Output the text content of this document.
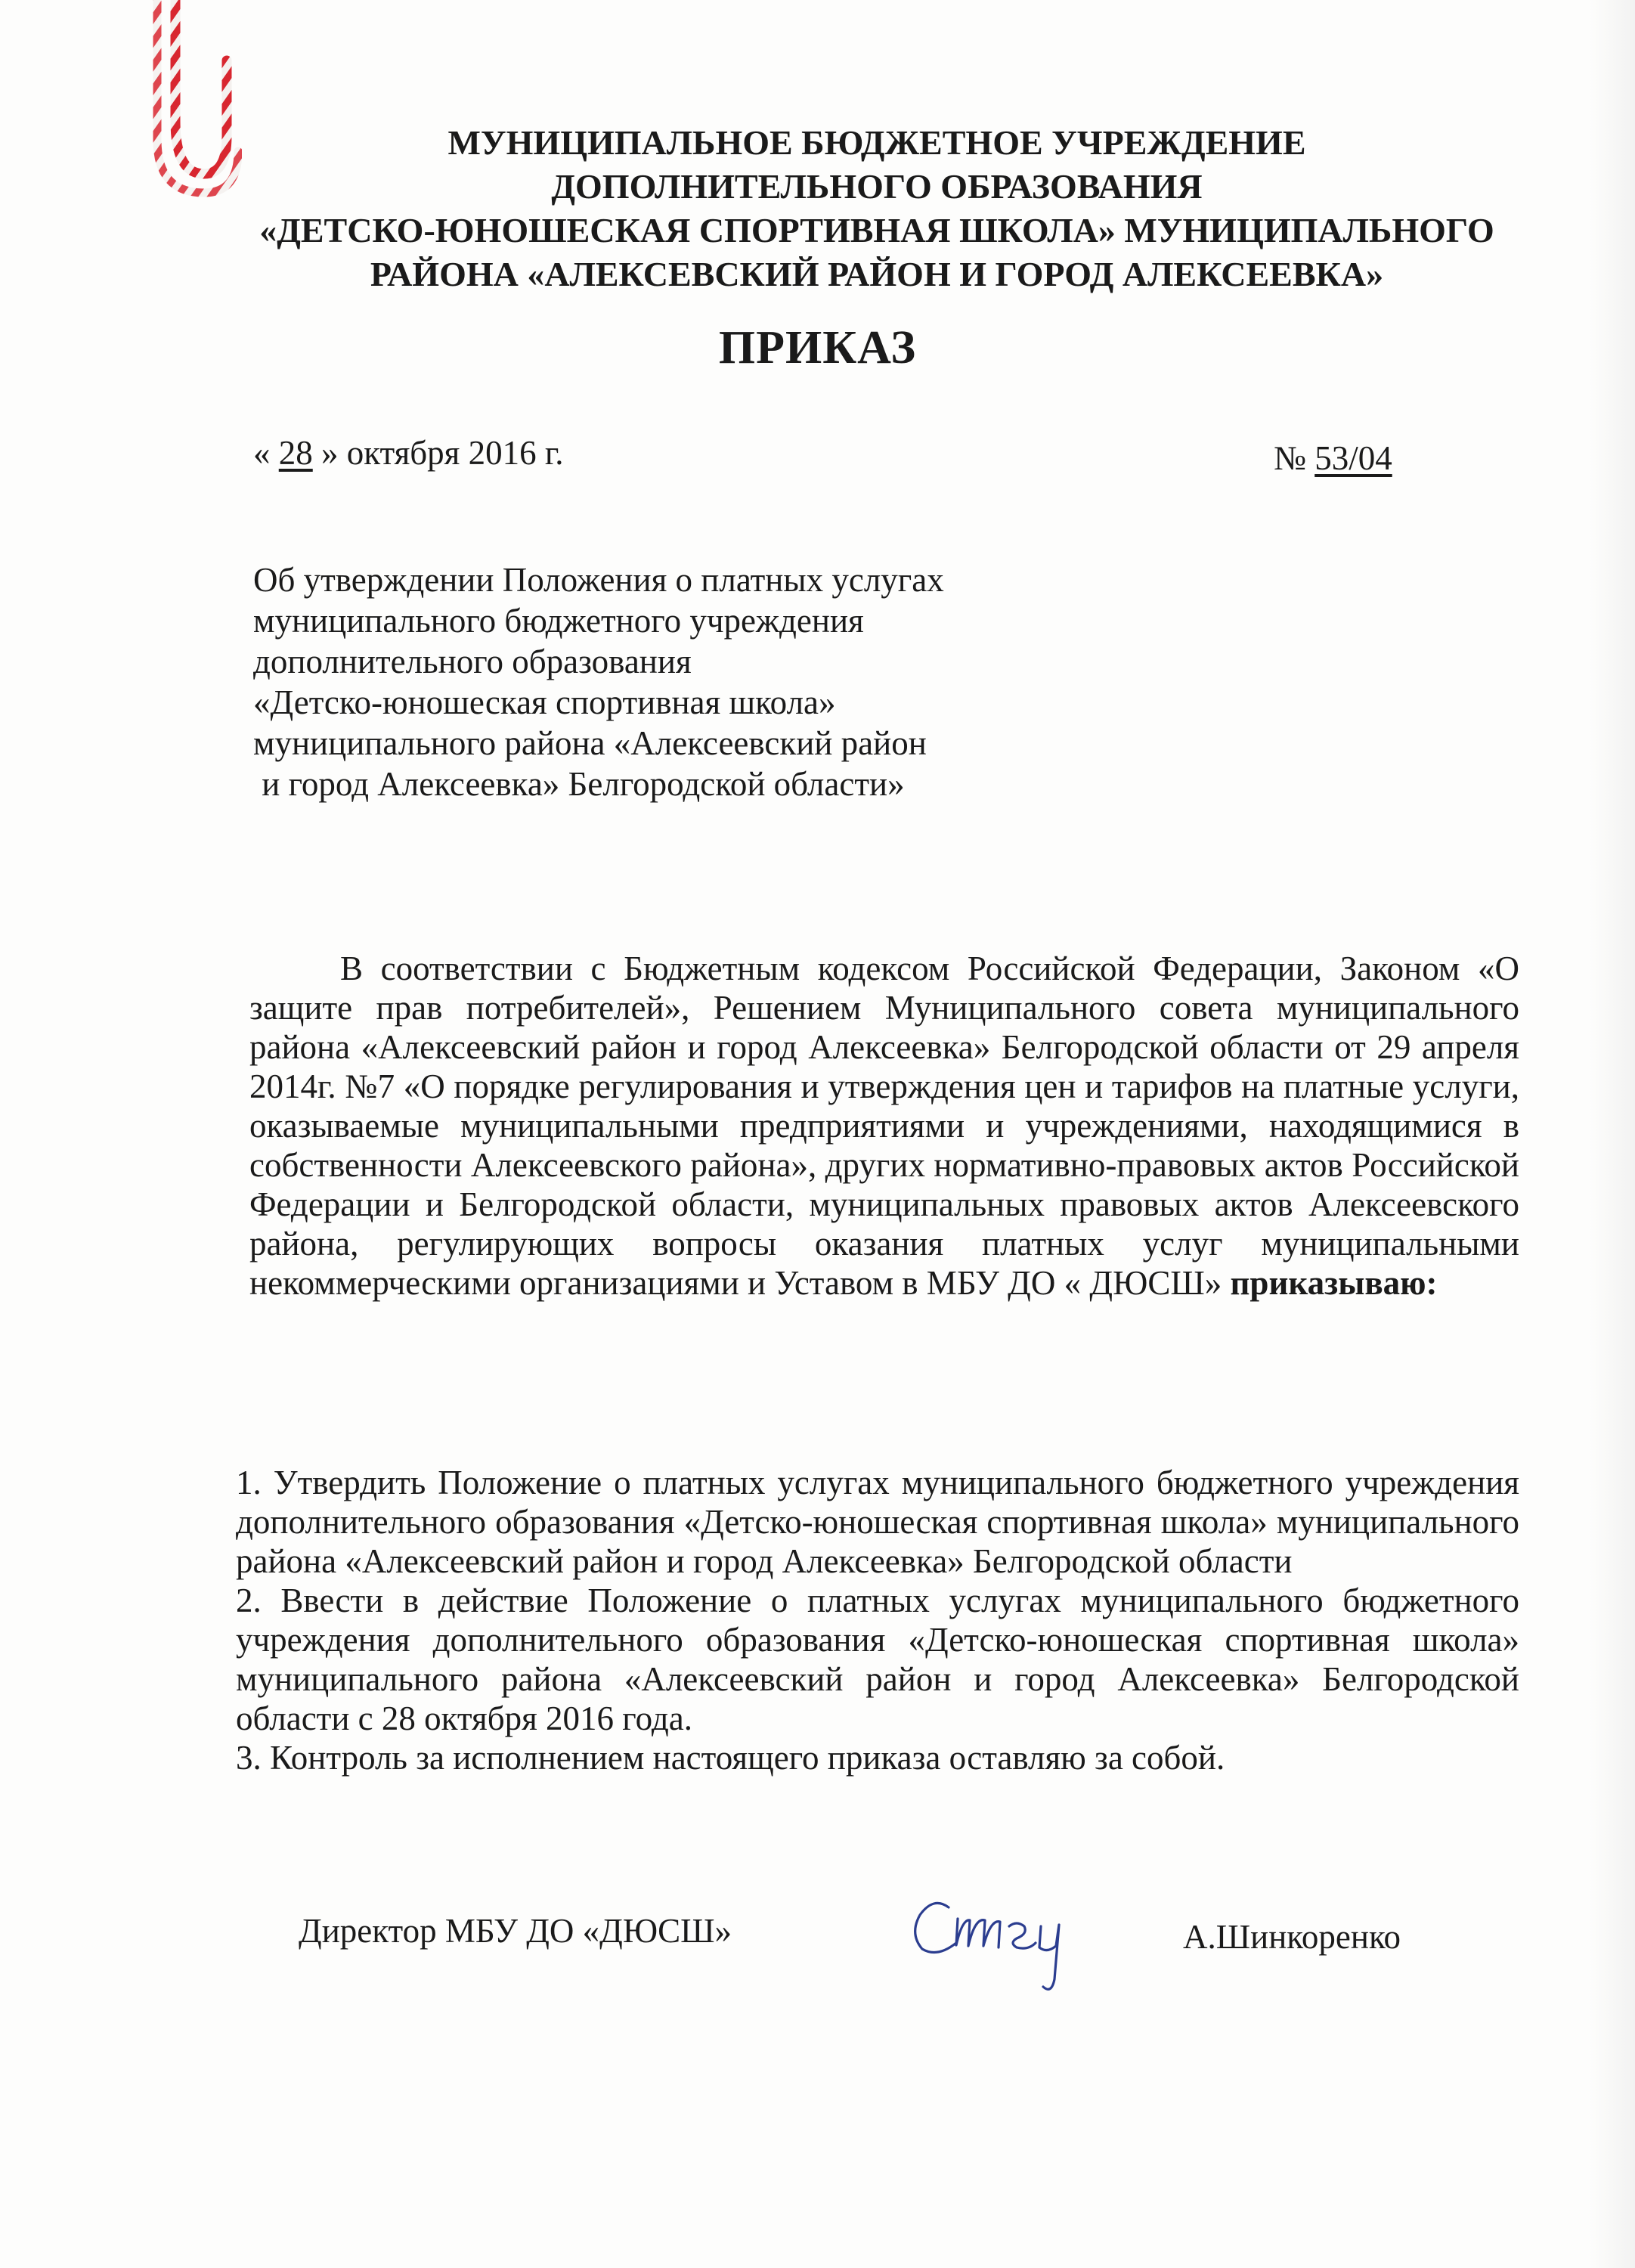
МУНИЦИПАЛЬНОЕ БЮДЖЕТНОЕ УЧРЕЖДЕНИЕ
ДОПОЛНИТЕЛЬНОГО ОБРАЗОВАНИЯ
«ДЕТСКО-ЮНОШЕСКАЯ СПОРТИВНАЯ ШКОЛА» МУНИЦИПАЛЬНОГО
РАЙОНА «АЛЕКСЕВСКИЙ РАЙОН И ГОРОД АЛЕКСЕЕВКА»
ПРИКАЗ
« 28 » октября 2016 г.	№ 53/04
Об утверждении Положения о платных услугах
муниципального бюджетного учреждения
дополнительного образования
«Детско-юношеская спортивная школа»
муниципального района «Алексеевский район
и город Алексеевка» Белгородской области»
В соответствии с Бюджетным кодексом Российской Федерации, Законом «О защите прав потребителей», Решением Муниципального совета муниципального района «Алексеевский район и город Алексеевка» Белгородской области от 29 апреля 2014г. №7 «О порядке регулирования и утверждения цен и тарифов на платные услуги, оказываемые муниципальными предприятиями и учреждениями, находящимися в собственности Алексеевского района», других нормативно-правовых актов Российской Федерации и Белгородской области, муниципальных правовых актов Алексеевского района, регулирующих вопросы оказания платных услуг муниципальными некоммерческими организациями и Уставом в МБУ ДО « ДЮСШ» приказываю:

1. Утвердить Положение о платных услугах муниципального бюджетного учреждения дополнительного образования «Детско-юношеская спортивная школа» муниципального района «Алексеевский район и город Алексеевка» Белгородской области

2. Ввести в действие Положение о платных услугах муниципального бюджетного учреждения дополнительного образования «Детско-юношеская спортивная школа» муниципального района «Алексеевский район и город Алексеевка» Белгородской области с 28 октября 2016 года.

3. Контроль за исполнением настоящего приказа оставляю за собой.

Директор МБУ ДО «ДЮСШ»	А.Шинкоренко
